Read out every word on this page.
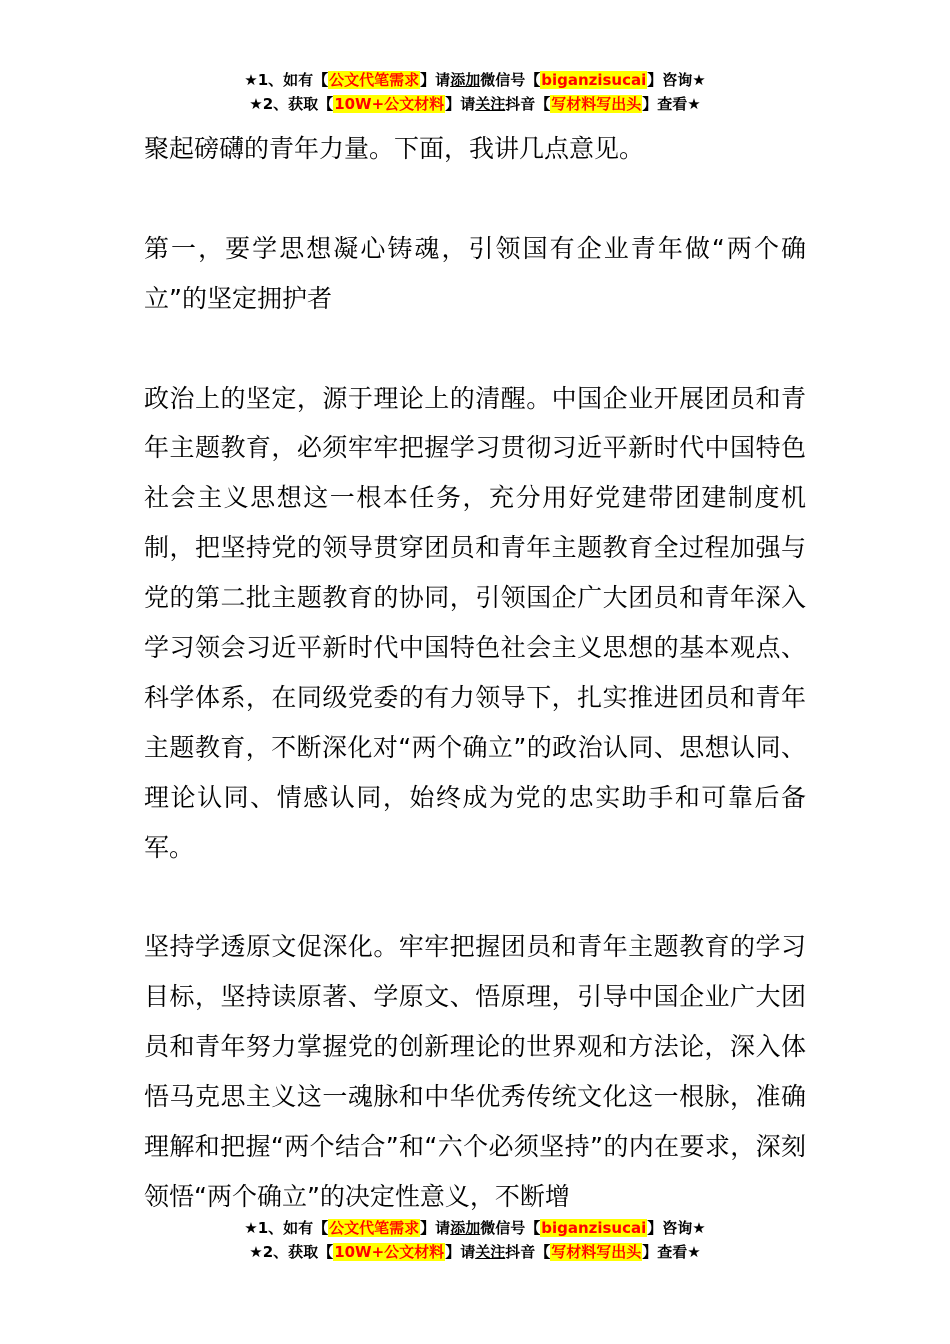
★1、如有【公文代笔需求】请添加微信号【biganzisucai】咨询★
★2、获取【10W+公文材料】请关注抖音【写材料写出头】查看★

聚起磅礴的青年力量。下面，我讲几点意见。

第一，要学思想凝心铸魂，引领国有企业青年做“两个确立”的坚定拥护者

政治上的坚定，源于理论上的清醒。中国企业开展团员和青年主题教育，必须牢牢把握学习贯彻习近平新时代中国特色社会主义思想这一根本任务，充分用好党建带团建制度机制，把坚持党的领导贯穿团员和青年主题教育全过程加强与党的第二批主题教育的协同，引领国企广大团员和青年深入学习领会习近平新时代中国特色社会主义思想的基本观点、科学体系，在同级党委的有力领导下，扎实推进团员和青年主题教育，不断深化对“两个确立”的政治认同、思想认同、理论认同、情感认同，始终成为党的忠实助手和可靠后备军。

坚持学透原文促深化。牢牢把握团员和青年主题教育的学习目标，坚持读原著、学原文、悟原理，引导中国企业广大团员和青年努力掌握党的创新理论的世界观和方法论，深入体悟马克思主义这一魂脉和中华优秀传统文化这一根脉，准确理解和把握“两个结合”和“六个必须坚持”的内在要求，深刻领悟“两个确立”的决定性意义，不断增

★1、如有【公文代笔需求】请添加微信号【biganzisucai】咨询★
★2、获取【10W+公文材料】请关注抖音【写材料写出头】查看★
